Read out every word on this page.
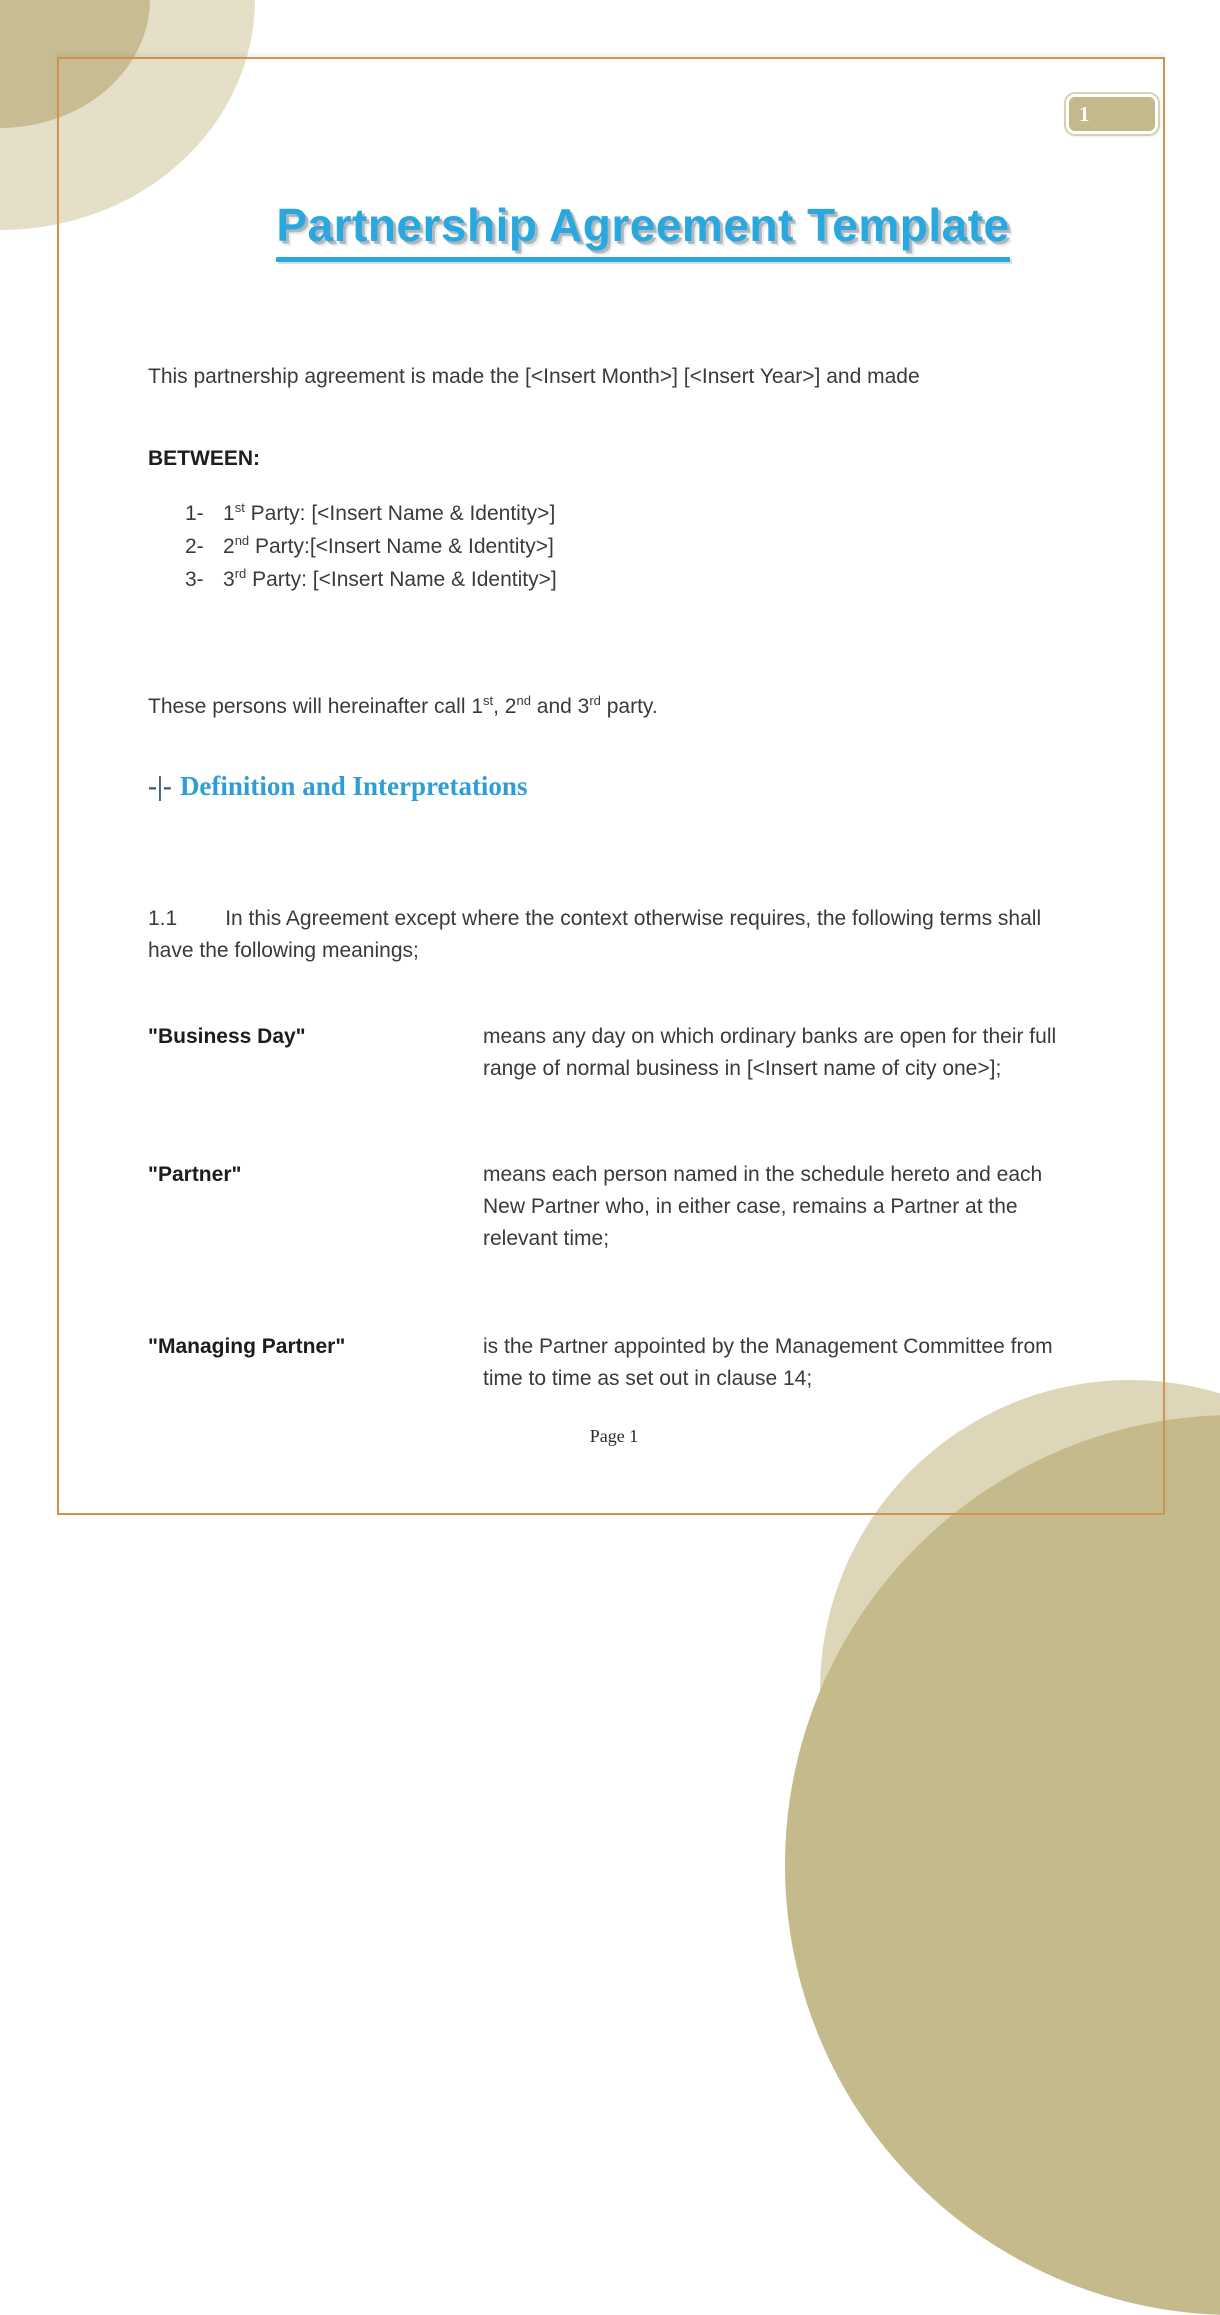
1
Partnership Agreement Template

This partnership agreement is made the [<Insert Month>] [<Insert Year>] and made

BETWEEN:
1- 1st Party: [<Insert Name & Identity>]
2- 2nd Party:[<Insert Name & Identity>]
3- 3rd Party: [<Insert Name & Identity>]

These persons will hereinafter call 1st, 2nd and 3rd party.

-|- Definition and Interpretations

1.1 In this Agreement except where the context otherwise requires, the following terms shall have the following meanings;

"Business Day"	means any day on which ordinary banks are open for their full range of normal business in [<Insert name of city one>];
"Partner"	means each person named in the schedule hereto and each New Partner who, in either case, remains a Partner at the relevant time;
"Managing Partner"	is the Partner appointed by the Management Committee from time to time as set out in clause 14;
Page 1
